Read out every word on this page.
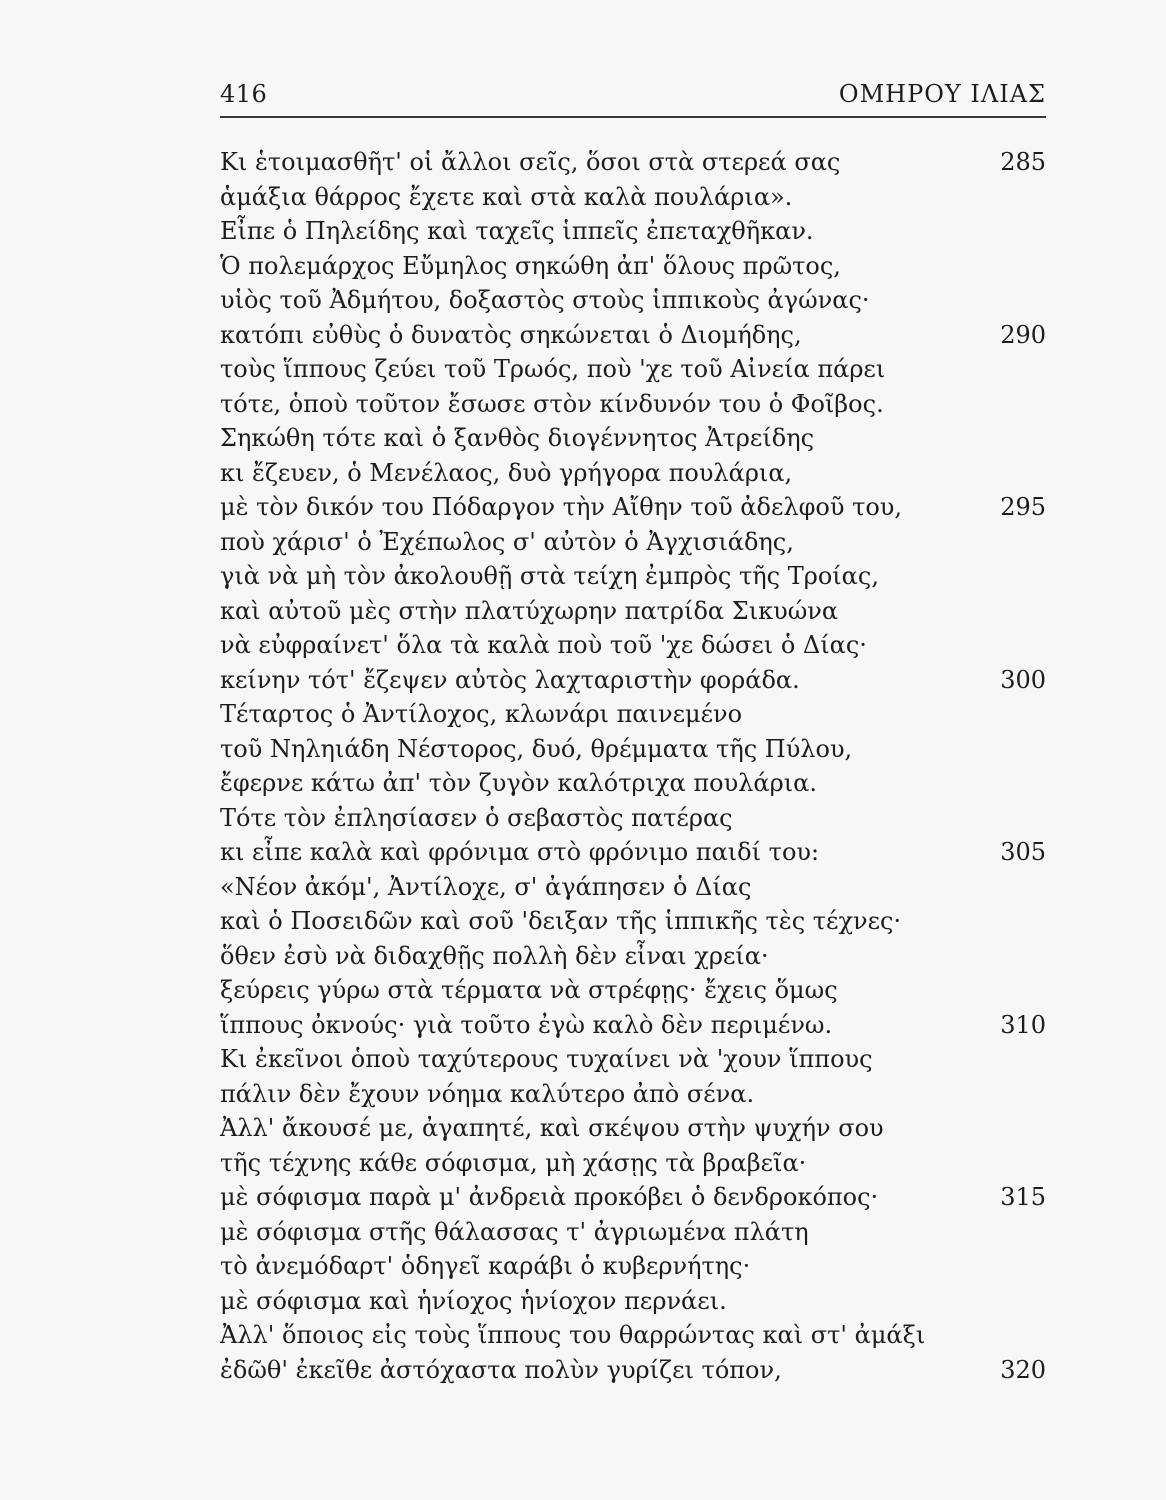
416	ΟΜΗΡΟΥ ΙΛΙΑΣ
Κι ἑτοιμασθῆτ' οἱ ἄλλοι σεῖς, ὅσοι στὰ στερεά σας	285
ἁμάξια θάρρος ἔχετε καὶ στὰ καλὰ πουλάρια».
Εἶπε ὁ Πηλείδης καὶ ταχεῖς ἱππεῖς ἐπεταχθῆκαν.
Ὁ πολεμάρχος Εὔμηλος σηκώθη ἀπ' ὅλους πρῶτος,
υἱὸς τοῦ Ἀδμήτου, δοξαστὸς στοὺς ἱππικοὺς ἀγώνας·
κατόπι εὐθὺς ὁ δυνατὸς σηκώνεται ὁ Διομήδης,	290
τοὺς ἵππους ζεύει τοῦ Τρωός, ποὺ 'χε τοῦ Αἰνεία πάρει
τότε, ὁποὺ τοῦτον ἔσωσε στὸν κίνδυνόν του ὁ Φοῖβος.
Σηκώθη τότε καὶ ὁ ξανθὸς διογέννητος Ἀτρείδης
κι ἔζευεν, ὁ Μενέλαος, δυὸ γρήγορα πουλάρια,
μὲ τὸν δικόν του Πόδαργον τὴν Αἴθην τοῦ ἀδελφοῦ του,	295
ποὺ χάρισ' ὁ Ἐχέπωλος σ' αὐτὸν ὁ Ἀγχισιάδης,
γιὰ νὰ μὴ τὸν ἀκολουθῇ στὰ τείχη ἐμπρὸς τῆς Τροίας,
καὶ αὐτοῦ μὲς στὴν πλατύχωρην πατρίδα Σικυώνα
νὰ εὐφραίνετ' ὅλα τὰ καλὰ ποὺ τοῦ 'χε δώσει ὁ Δίας·
κείνην τότ' ἔζεψεν αὐτὸς λαχταριστὴν φοράδα.	300
Τέταρτος ὁ Ἀντίλοχος, κλωνάρι παινεμένο
τοῦ Νηληιάδη Νέστορος, δυό, θρέμματα τῆς Πύλου,
ἔφερνε κάτω ἀπ' τὸν ζυγὸν καλότριχα πουλάρια.
Τότε τὸν ἐπλησίασεν ὁ σεβαστὸς πατέρας
κι εἶπε καλὰ καὶ φρόνιμα στὸ φρόνιμο παιδί του:	305
«Νέον ἀκόμ', Ἀντίλοχε, σ' ἀγάπησεν ὁ Δίας
καὶ ὁ Ποσειδῶν καὶ σοῦ 'δειξαν τῆς ἱππικῆς τὲς τέχνες·
ὅθεν ἐσὺ νὰ διδαχθῇς πολλὴ δὲν εἶναι χρεία·
ξεύρεις γύρω στὰ τέρματα νὰ στρέφῃς· ἔχεις ὅμως
ἵππους ὀκνούς· γιὰ τοῦτο ἐγὼ καλὸ δὲν περιμένω.	310
Κι ἐκεῖνοι ὁποὺ ταχύτερους τυχαίνει νὰ 'χουν ἵππους
πάλιν δὲν ἔχουν νόημα καλύτερο ἀπὸ σένα.
Ἀλλ' ἄκουσέ με, ἀγαπητέ, καὶ σκέψου στὴν ψυχήν σου
τῆς τέχνης κάθε σόφισμα, μὴ χάσῃς τὰ βραβεῖα·
μὲ σόφισμα παρὰ μ' ἀνδρειὰ προκόβει ὁ δενδροκόπος·	315
μὲ σόφισμα στῆς θάλασσας τ' ἀγριωμένα πλάτη
τὸ ἀνεμόδαρτ' ὁδηγεῖ καράβι ὁ κυβερνήτης·
μὲ σόφισμα καὶ ἡνίοχος ἡνίοχον περνάει.
Ἀλλ' ὅποιος εἰς τοὺς ἵππους του θαρρώντας καὶ στ' ἀμάξι
ἐδῶθ' ἐκεῖθε ἀστόχαστα πολὺν γυρίζει τόπον,	320
